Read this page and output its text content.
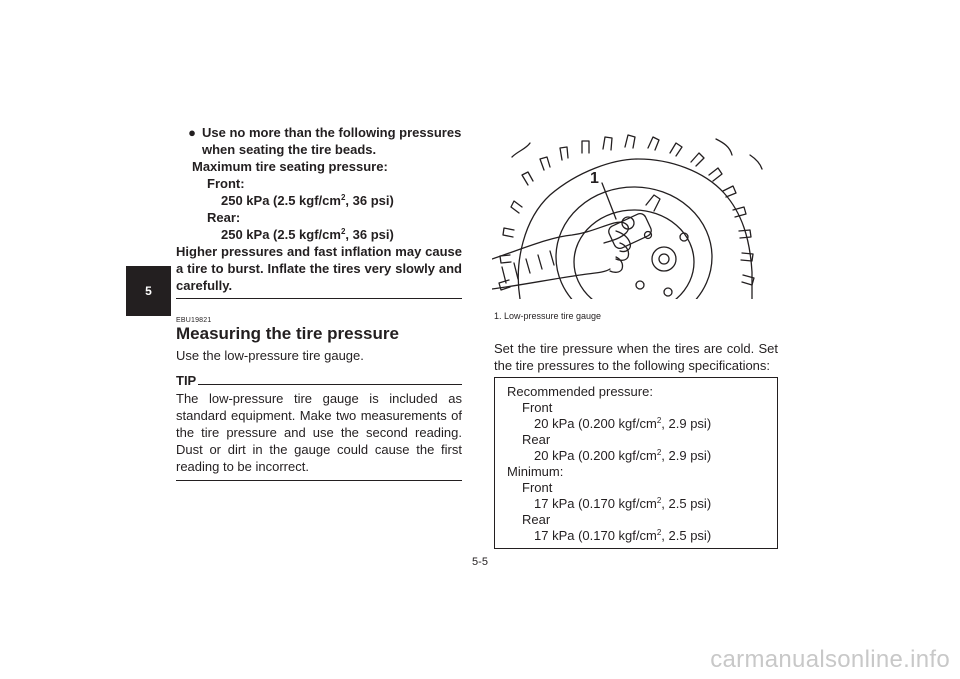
5
● Use no more than the following pressures when seating the tire beads.
Maximum tire seating pressure:
Front:
250 kPa (2.5 kgf/$cm^2$, 36 psi)
Rear:
250 kPa (2.5 kgf/$cm^2$, 36 psi)
Higher pressures and fast inflation may cause a tire to burst. Inflate the tires very slowly and carefully.
EBU19821
Measuring the tire pressure
Use the low-pressure tire gauge.
TIP
The low-pressure tire gauge is included as standard equipment. Make two measurements of the tire pressure and use the second reading. Dust or dirt in the gauge could cause the first reading to be incorrect.
1
1. Low-pressure tire gauge
Set the tire pressure when the tires are cold. Set the tire pressures to the following specifications:
Recommended pressure:
Front
20 kPa (0.200 kgf/$cm^2$, 2.9 psi)
Rear
20 kPa (0.200 kgf/$cm^2$, 2.9 psi)
Minimum:
Front
17 kPa (0.170 kgf/$cm^2$, 2.5 psi)
Rear
17 kPa (0.170 kgf/$cm^2$, 2.5 psi)
5-5
carmanualsonline.info
